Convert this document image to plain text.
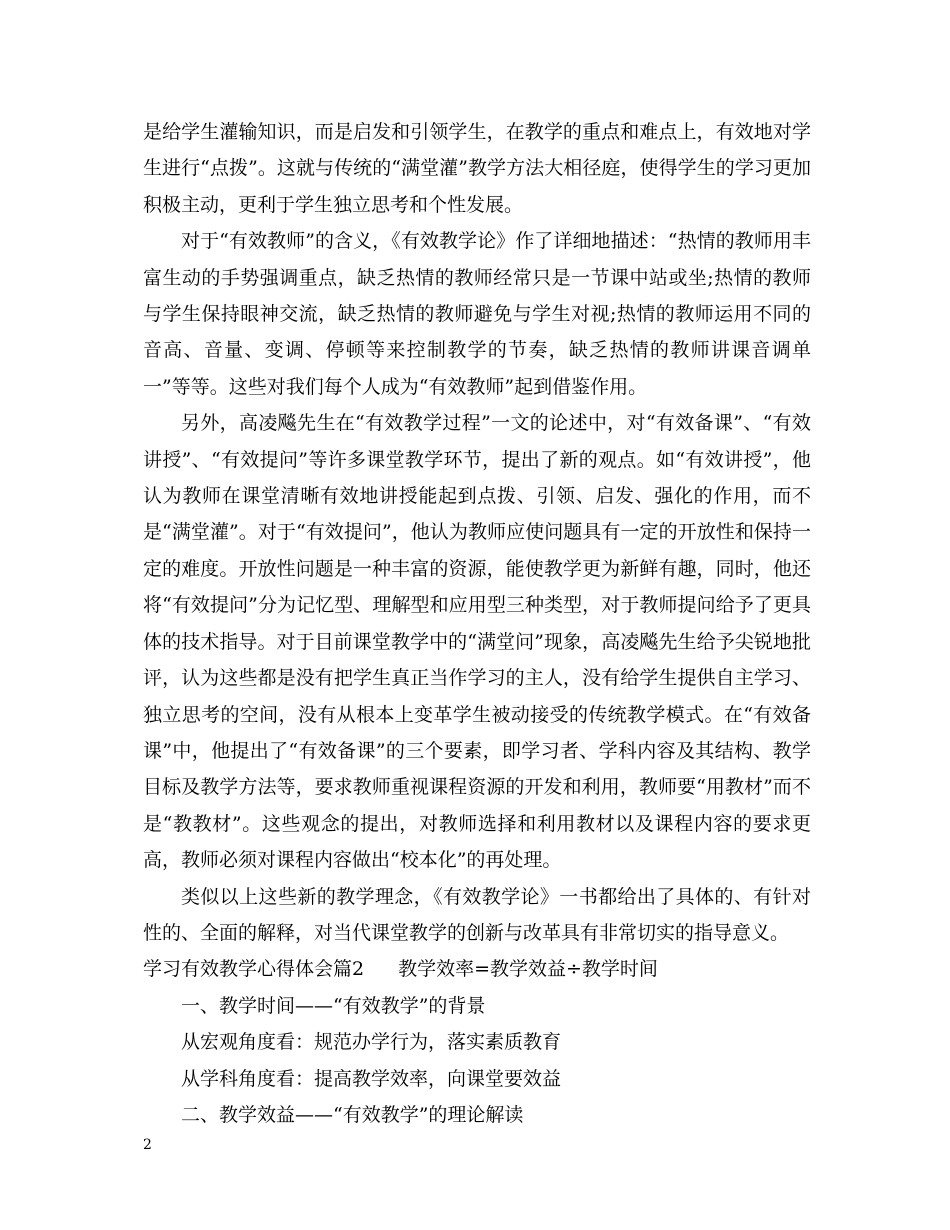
是给学生灌输知识，而是启发和引领学生，在教学的重点和难点上，有效地对学生进行“点拨”。这就与传统的“满堂灌”教学方法大相径庭，使得学生的学习更加积极主动，更利于学生独立思考和个性发展。

对于“有效教师”的含义，《有效教学论》作了详细地描述：“热情的教师用丰富生动的手势强调重点，缺乏热情的教师经常只是一节课中站或坐;热情的教师与学生保持眼神交流，缺乏热情的教师避免与学生对视;热情的教师运用不同的音高、音量、变调、停顿等来控制教学的节奏，缺乏热情的教师讲课音调单一”等等。这些对我们每个人成为“有效教师”起到借鉴作用。

另外，高凌飚先生在“有效教学过程”一文的论述中，对“有效备课”、“有效讲授”、“有效提问”等许多课堂教学环节，提出了新的观点。如“有效讲授”，他认为教师在课堂清晰有效地讲授能起到点拨、引领、启发、强化的作用，而不是“满堂灌”。对于“有效提问”，他认为教师应使问题具有一定的开放性和保持一定的难度。开放性问题是一种丰富的资源，能使教学更为新鲜有趣，同时，他还将“有效提问”分为记忆型、理解型和应用型三种类型，对于教师提问给予了更具体的技术指导。对于目前课堂教学中的“满堂问”现象，高凌飚先生给予尖锐地批评，认为这些都是没有把学生真正当作学习的主人，没有给学生提供自主学习、独立思考的空间，没有从根本上变革学生被动接受的传统教学模式。在“有效备课”中，他提出了“有效备课”的三个要素，即学习者、学科内容及其结构、教学目标及教学方法等，要求教师重视课程资源的开发和利用，教师要“用教材”而不是“教教材”。这些观念的提出，对教师选择和利用教材以及课程内容的要求更高，教师必须对课程内容做出“校本化”的再处理。

类似以上这些新的教学理念，《有效教学论》一书都给出了具体的、有针对性的、全面的解释，对当代课堂教学的创新与改革具有非常切实的指导意义。

学习有效教学心得体会篇2 教学效率=教学效益÷教学时间

一、教学时间——“有效教学”的背景

从宏观角度看：规范办学行为，落实素质教育

从学科角度看：提高教学效率，向课堂要效益

二、教学效益——“有效教学”的理论解读

2
